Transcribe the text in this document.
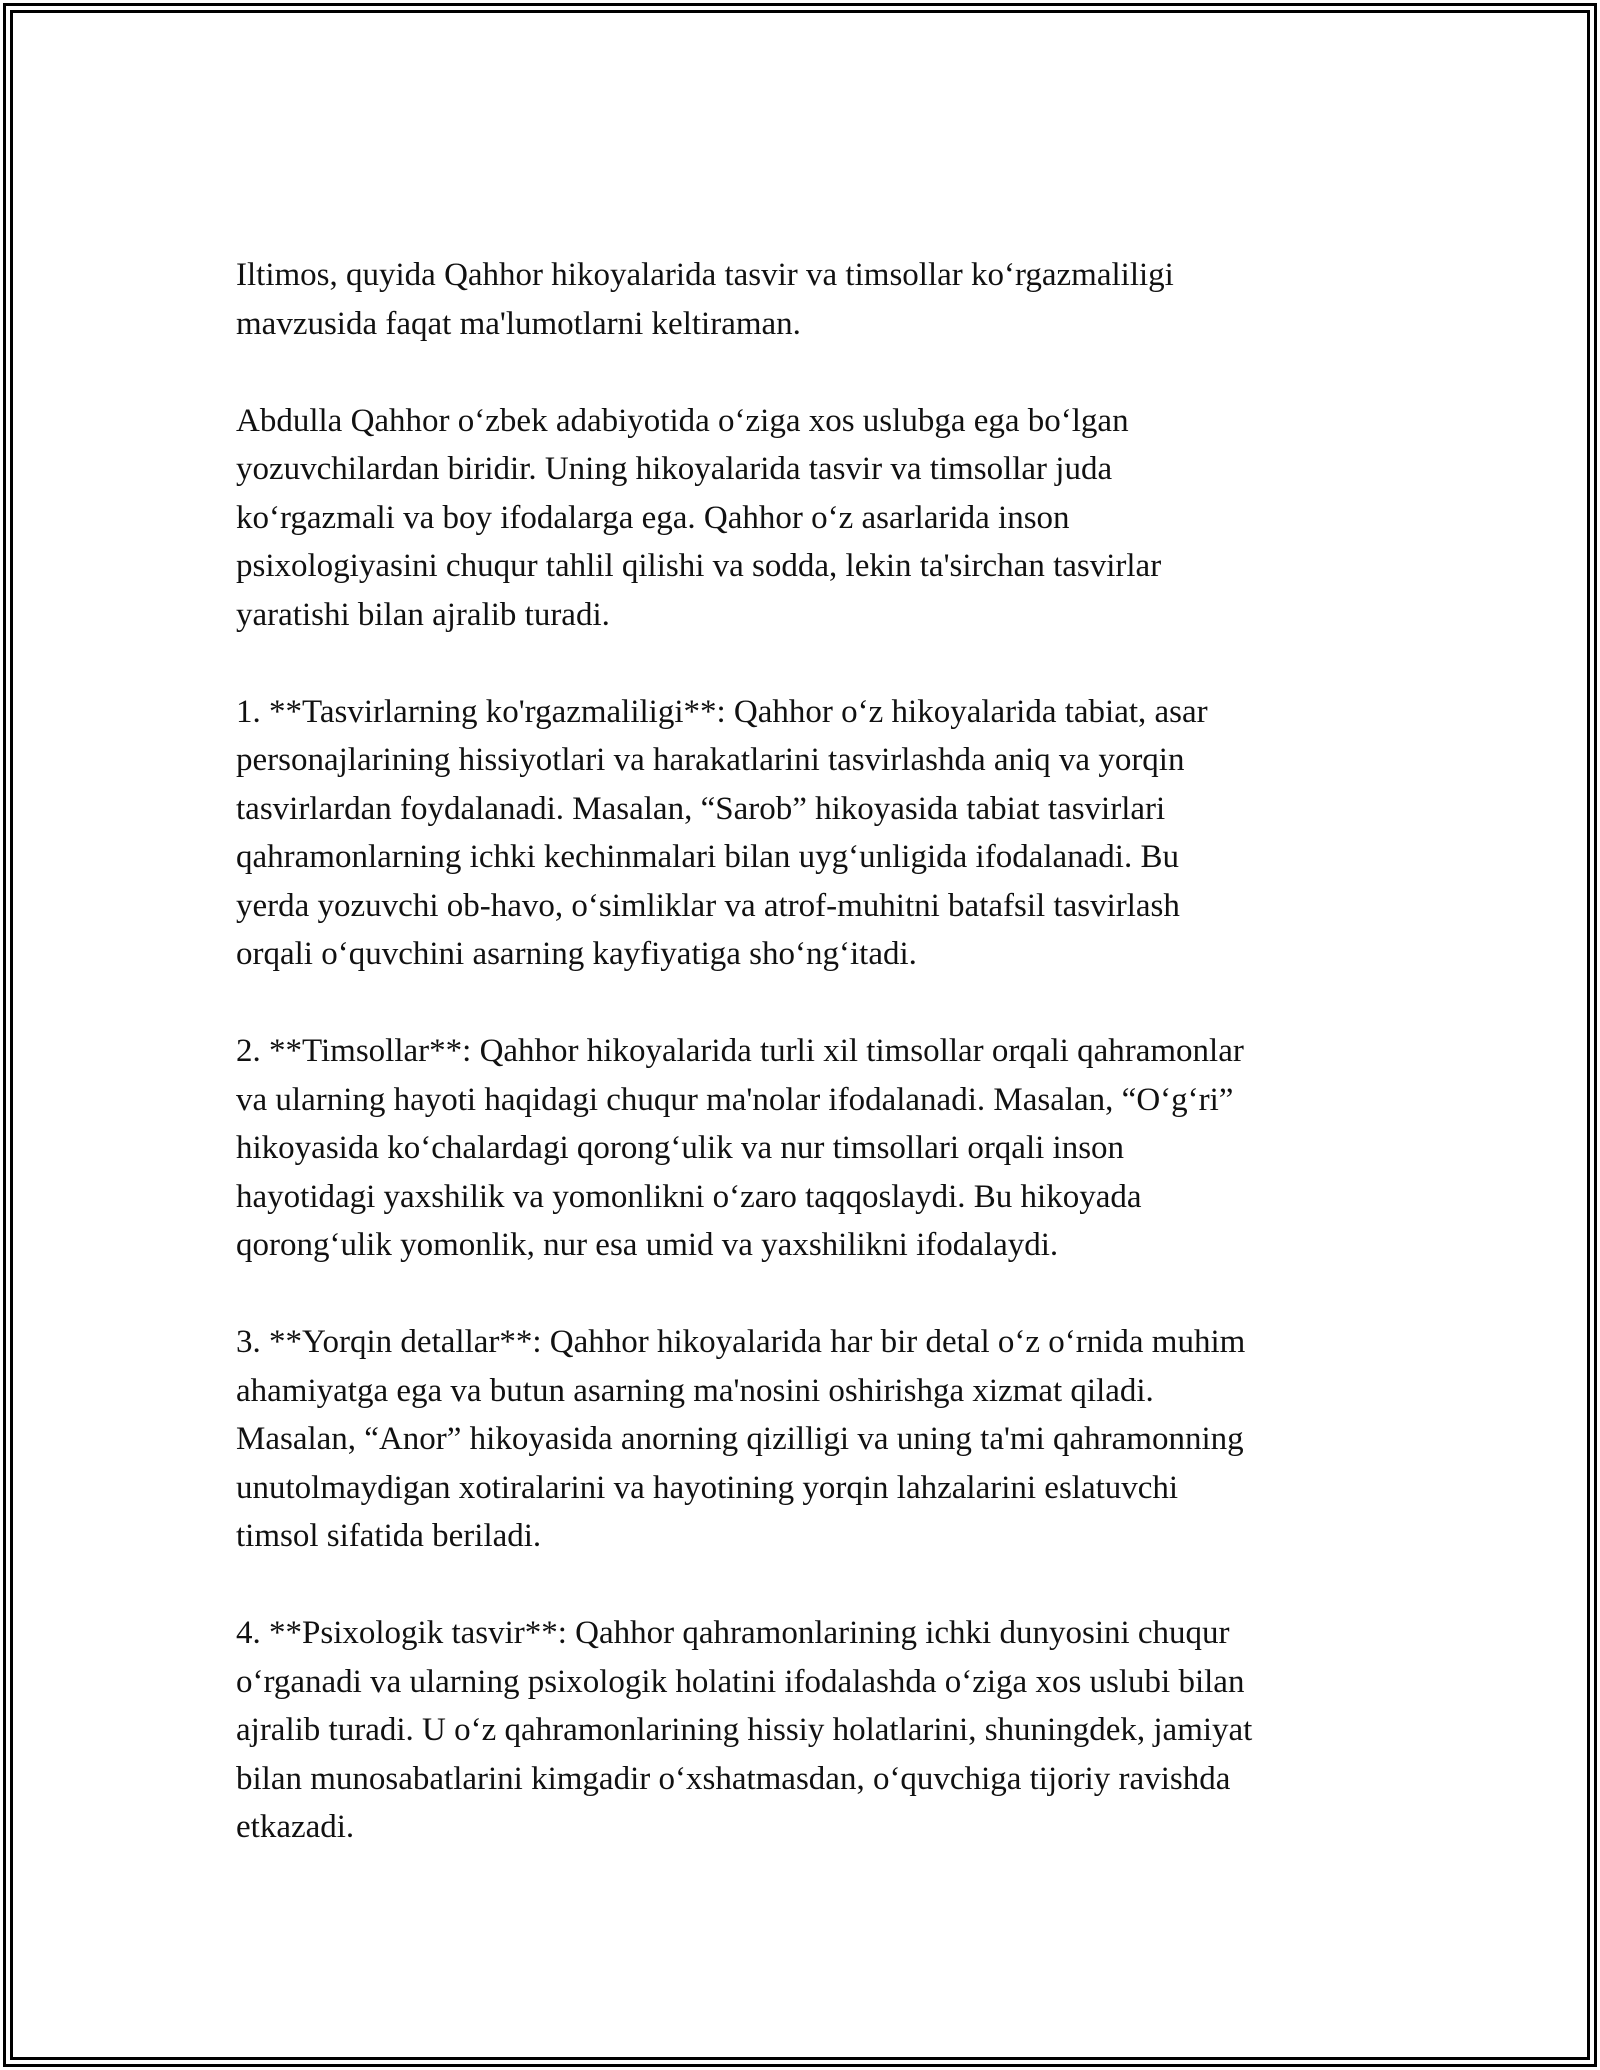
Iltimos, quyida Qahhor hikoyalarida tasvir va timsollar ko‘rgazmaliligi
mavzusida faqat ma'lumotlarni keltiraman.

Abdulla Qahhor o‘zbek adabiyotida o‘ziga xos uslubga ega bo‘lgan
yozuvchilardan biridir. Uning hikoyalarida tasvir va timsollar juda
ko‘rgazmali va boy ifodalarga ega. Qahhor o‘z asarlarida inson
psixologiyasini chuqur tahlil qilishi va sodda, lekin ta'sirchan tasvirlar
yaratishi bilan ajralib turadi.

1. **Tasvirlarning ko'rgazmaliligi**: Qahhor o‘z hikoyalarida tabiat, asar
personajlarining hissiyotlari va harakatlarini tasvirlashda aniq va yorqin
tasvirlardan foydalanadi. Masalan, “Sarob” hikoyasida tabiat tasvirlari
qahramonlarning ichki kechinmalari bilan uyg‘unligida ifodalanadi. Bu
yerda yozuvchi ob-havo, o‘simliklar va atrof-muhitni batafsil tasvirlash
orqali o‘quvchini asarning kayfiyatiga sho‘ng‘itadi.

2. **Timsollar**: Qahhor hikoyalarida turli xil timsollar orqali qahramonlar
va ularning hayoti haqidagi chuqur ma'nolar ifodalanadi. Masalan, “O‘g‘ri”
hikoyasida ko‘chalardagi qorong‘ulik va nur timsollari orqali inson
hayotidagi yaxshilik va yomonlikni o‘zaro taqqoslaydi. Bu hikoyada
qorong‘ulik yomonlik, nur esa umid va yaxshilikni ifodalaydi.

3. **Yorqin detallar**: Qahhor hikoyalarida har bir detal o‘z o‘rnida muhim
ahamiyatga ega va butun asarning ma'nosini oshirishga xizmat qiladi.
Masalan, “Anor” hikoyasida anorning qizilligi va uning ta'mi qahramonning
unutolmaydigan xotiralarini va hayotining yorqin lahzalarini eslatuvchi
timsol sifatida beriladi.

4. **Psixologik tasvir**: Qahhor qahramonlarining ichki dunyosini chuqur
o‘rganadi va ularning psixologik holatini ifodalashda o‘ziga xos uslubi bilan
ajralib turadi. U o‘z qahramonlarining hissiy holatlarini, shuningdek, jamiyat
bilan munosabatlarini kimgadir o‘xshatmasdan, o‘quvchiga tijoriy ravishda
etkazadi.
